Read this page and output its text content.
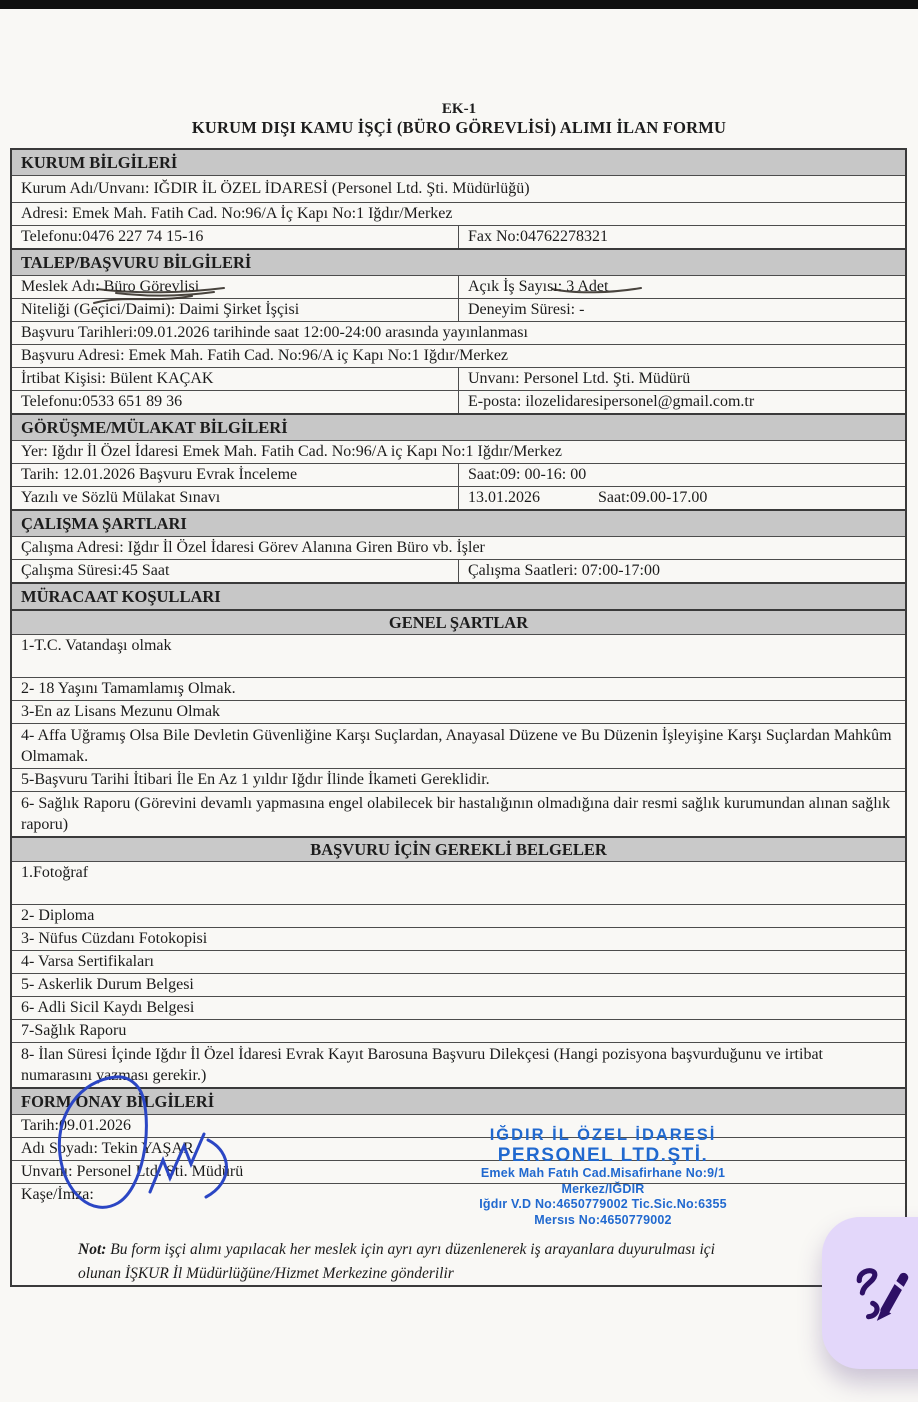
EK-1
KURUM DIŞI KAMU İŞÇİ (BÜRO GÖREVLİSİ) ALIMI İLAN FORMU
KURUM BİLGİLERİ
Kurum Adı/Unvanı: IĞDIR İL ÖZEL İDARESİ (Personel Ltd. Şti. Müdürlüğü)
Adresi: Emek Mah. Fatih Cad. No:96/A İç Kapı No:1 Iğdır/Merkez
Telefonu:0476 227 74 15-16	Fax No:04762278321
TALEP/BAŞVURU BİLGİLERİ
Meslek Adı: Büro Görevlisi	Açık İş Sayısı: 3 Adet
Niteliği (Geçici/Daimi): Daimi Şirket İşçisi	Deneyim Süresi: -
Başvuru Tarihleri:09.01.2026 tarihinde saat 12:00-24:00 arasında yayınlanması
Başvuru Adresi: Emek Mah. Fatih Cad. No:96/A iç Kapı No:1 Iğdır/Merkez
İrtibat Kişisi: Bülent KAÇAK	Unvanı: Personel Ltd. Şti. Müdürü
Telefonu:0533 651 89 36	E-posta: ilozelidaresipersonel@gmail.com.tr
GÖRÜŞME/MÜLAKAT BİLGİLERİ
Yer: Iğdır İl Özel İdaresi Emek Mah. Fatih Cad. No:96/A iç Kapı No:1 Iğdır/Merkez
Tarih: 12.01.2026 Başvuru Evrak İnceleme	Saat:09: 00-16: 00
Yazılı ve Sözlü Mülakat Sınavı	13.01.2026	Saat:09.00-17.00
ÇALIŞMA ŞARTLARI
Çalışma Adresi: Iğdır İl Özel İdaresi Görev Alanına Giren Büro vb. İşler
Çalışma Süresi:45 Saat	Çalışma Saatleri: 07:00-17:00
MÜRACAAT KOŞULLARI
GENEL ŞARTLAR
1-T.C. Vatandaşı olmak
2- 18 Yaşını Tamamlamış Olmak.
3-En az Lisans Mezunu Olmak
4- Affa Uğramış Olsa Bile Devletin Güvenliğine Karşı Suçlardan, Anayasal Düzene ve Bu Düzenin İşleyişine Karşı Suçlardan Mahkûm Olmamak.
5-Başvuru Tarihi İtibari İle En Az 1 yıldır Iğdır İlinde İkameti Gereklidir.
6- Sağlık Raporu (Görevini devamlı yapmasına engel olabilecek bir hastalığının olmadığına dair resmi sağlık kurumundan alınan sağlık raporu)
BAŞVURU İÇİN GEREKLİ BELGELER
1.Fotoğraf
2- Diploma
3- Nüfus Cüzdanı Fotokopisi
4- Varsa Sertifikaları
5- Askerlik Durum Belgesi
6- Adli Sicil Kaydı Belgesi
7-Sağlık Raporu
8- İlan Süresi İçinde Iğdır İl Özel İdaresi Evrak Kayıt Barosuna Başvuru Dilekçesi (Hangi pozisyona başvurduğunu ve irtibat numarasını yazması gerekir.)
FORM ONAY BİLGİLERİ
Tarih:09.01.2026
Adı Soyadı: Tekin YAŞAR
Unvanı: Personel Ltd. Şti. Müdürü
Kaşe/İmza:
IĞDIR İL ÖZEL İDARESİ
PERSONEL LTD.ŞTİ.
Emek Mah Fatıh Cad.Misafirhane No:9/1 Merkez/IĞDIR
Iğdır V.D No:4650779002 Tic.Sic.No:6355
Mersıs No:4650779002
Not: Bu form işçi alımı yapılacak her meslek için ayrı ayrı düzenlenerek iş arayanlara duyurulması içi
olunan İŞKUR İl Müdürlüğüne/Hizmet Merkezine gönderilir
